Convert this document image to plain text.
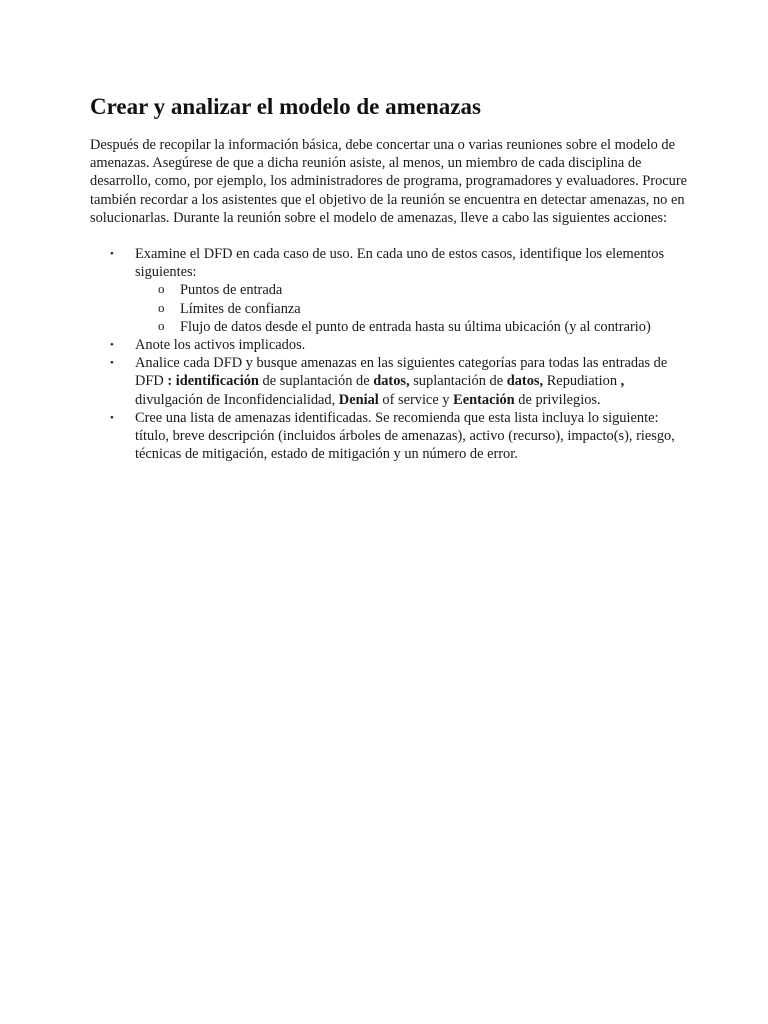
Crear y analizar el modelo de amenazas

Después de recopilar la información básica, debe concertar una o varias reuniones sobre el modelo de amenazas. Asegúrese de que a dicha reunión asiste, al menos, un miembro de cada disciplina de desarrollo, como, por ejemplo, los administradores de programa, programadores y evaluadores. Procure también recordar a los asistentes que el objetivo de la reunión se encuentra en detectar amenazas, no en solucionarlas. Durante la reunión sobre el modelo de amenazas, lleve a cabo las siguientes acciones:

• Examine el DFD en cada caso de uso. En cada uno de estos casos, identifique los elementos siguientes:
o Puntos de entrada
o Límites de confianza
o Flujo de datos desde el punto de entrada hasta su última ubicación (y al contrario)
• Anote los activos implicados.
• Analice cada DFD y busque amenazas en las siguientes categorías para todas las entradas de DFD : identificación de suplantación de datos, suplantación de datos, Repudiation , divulgación de Inconfidencialidad, Denial of service y Eentación de privilegios.
• Cree una lista de amenazas identificadas. Se recomienda que esta lista incluya lo siguiente: título, breve descripción (incluidos árboles de amenazas), activo (recurso), impacto(s), riesgo, técnicas de mitigación, estado de mitigación y un número de error.
